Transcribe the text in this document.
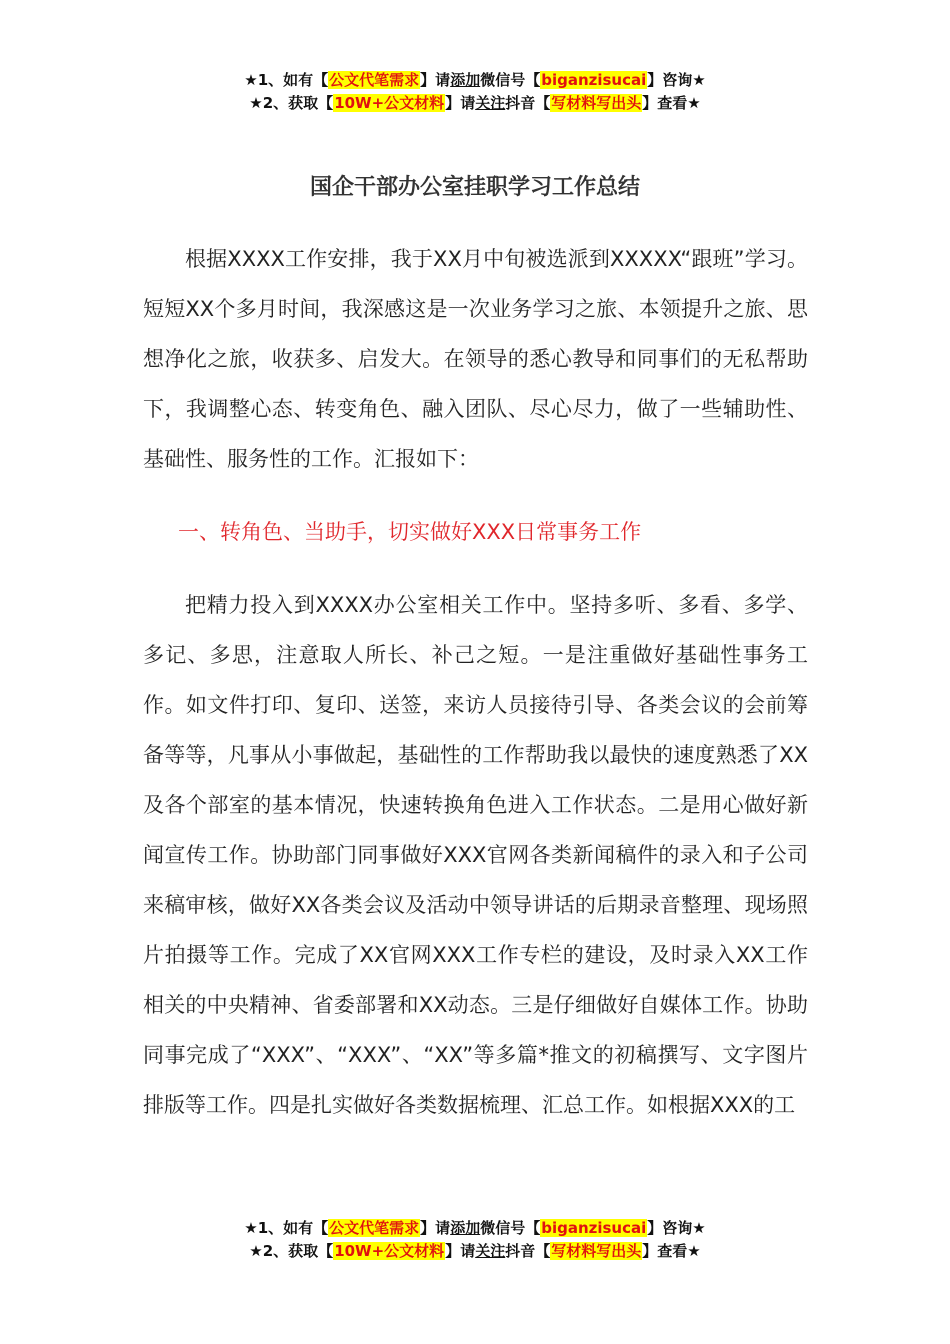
★1、如有【公文代笔需求】请添加微信号【biganzisucai】咨询★
★2、获取【10W+公文材料】请关注抖音【写材料写出头】查看★
国企干部办公室挂职学习工作总结

根据XXXX工作安排，我于XX月中旬被选派到XXXXX“跟班”学习。短短XX个多月时间，我深感这是一次业务学习之旅、本领提升之旅、思想净化之旅，收获多、启发大。在领导的悉心教导和同事们的无私帮助下，我调整心态、转变角色、融入团队、尽心尽力，做了一些辅助性、基础性、服务性的工作。汇报如下：

一、转角色、当助手，切实做好XXX日常事务工作

把精力投入到XXXX办公室相关工作中。坚持多听、多看、多学、多记、多思，注意取人所长、补己之短。一是注重做好基础性事务工作。如文件打印、复印、送签，来访人员接待引导、各类会议的会前筹备等等，凡事从小事做起，基础性的工作帮助我以最快的速度熟悉了XX及各个部室的基本情况，快速转换角色进入工作状态。二是用心做好新闻宣传工作。协助部门同事做好XXX官网各类新闻稿件的录入和子公司来稿审核，做好XX各类会议及活动中领导讲话的后期录音整理、现场照片拍摄等工作。完成了XX官网XXX工作专栏的建设，及时录入XX工作相关的中央精神、省委部署和XX动态。三是仔细做好自媒体工作。协助同事完成了“XXX”、“XXX”、“XX”等多篇*推文的初稿撰写、文字图片排版等工作。四是扎实做好各类数据梳理、汇总工作。如根据XXX的工

★1、如有【公文代笔需求】请添加微信号【biganzisucai】咨询★
★2、获取【10W+公文材料】请关注抖音【写材料写出头】查看★
